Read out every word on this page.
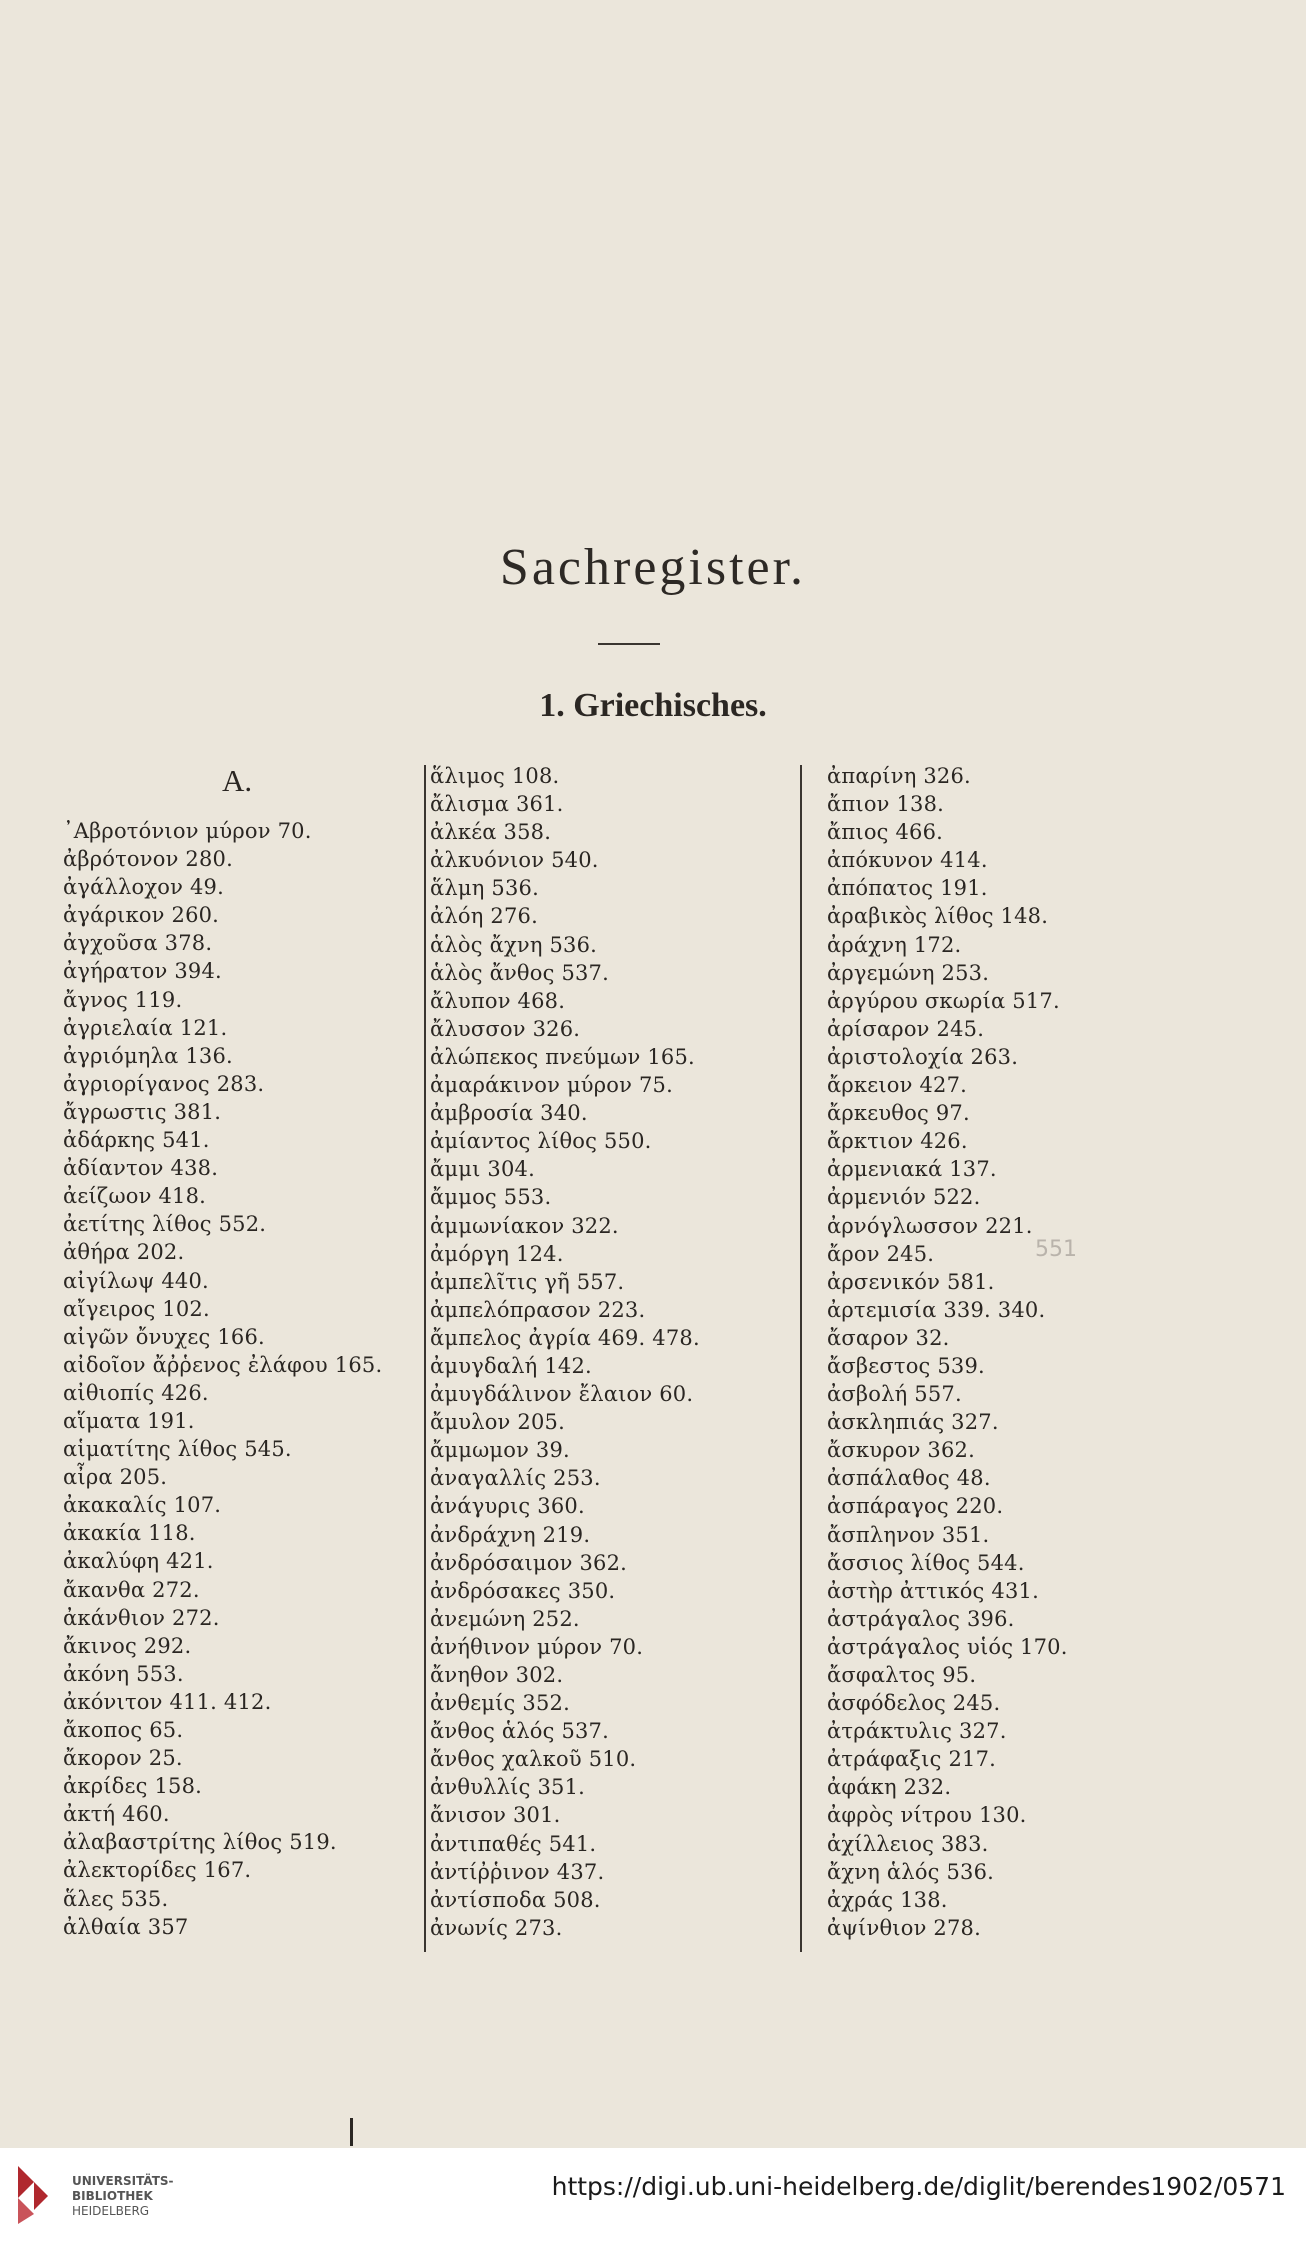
Sachregister.
1. Griechisches.
A.
᾿Αβροτόνιον μύρον 70.
ἀβρότονον 280.
ἀγάλλοχον 49.
ἀγάρικον 260.
ἀγχοῦσα 378.
ἀγήρατον 394.
ἄγνος 119.
ἀγριελαία 121.
ἀγριόμηλα 136.
ἀγριορίγανος 283.
ἄγρωστις 381.
ἀδάρκης 541.
ἀδίαντον 438.
ἀείζωον 418.
ἀετίτης λίθος 552.
ἀθήρα 202.
αἰγίλωψ 440.
αἴγειρος 102.
αἰγῶν ὄνυχες 166.
αἰδοῖον ἄῤῥενος ἐλάφου 165.
αἰθιοπίς 426.
αἵματα 191.
αἱματίτης λίθος 545.
αἶρα 205.
ἀκακαλίς 107.
ἀκακία 118.
ἀκαλύφη 421.
ἄκανθα 272.
ἀκάνθιον 272.
ἄκινος 292.
ἀκόνη 553.
ἀκόνιτον 411. 412.
ἄκοπος 65.
ἄκορον 25.
ἀκρίδες 158.
ἀκτή 460.
ἀλαβαστρίτης λίθος 519.
ἀλεκτορίδες 167.
ἅλες 535.
ἀλθαία 357
ἅλιμος 108.
ἄλισμα 361.
ἀλκέα 358.
ἀλκυόνιον 540.
ἅλμη 536.
ἀλόη 276.
ἁλὸς ἄχνη 536.
ἁλὸς ἄνθος 537.
ἄλυπον 468.
ἄλυσσον 326.
ἀλώπεκος πνεύμων 165.
ἀμαράκινον μύρον 75.
ἀμβροσία 340.
ἀμίαντος λίθος 550.
ἄμμι 304.
ἄμμος 553.
ἀμμωνίακον 322.
ἀμόργη 124.
ἀμπελῖτις γῆ 557.
ἀμπελόπρασον 223.
ἄμπελος ἀγρία 469. 478.
ἀμυγδαλή 142.
ἀμυγδάλινον ἔλαιον 60.
ἄμυλον 205.
ἄμμωμον 39.
ἀναγαλλίς 253.
ἀνάγυρις 360.
ἀνδράχνη 219.
ἀνδρόσαιμον 362.
ἀνδρόσακες 350.
ἀνεμώνη 252.
ἀνήθινον μύρον 70.
ἄνηθον 302.
ἀνθεμίς 352.
ἄνθος ἁλός 537.
ἄνθος χαλκοῦ 510.
ἀνθυλλίς 351.
ἄνισον 301.
ἀντιπαθές 541.
ἀντίῤῥινον 437.
ἀντίσποδα 508.
ἀνωνίς 273.
ἀπαρίνη 326.
ἄπιον 138.
ἄπιος 466.
ἀπόκυνον 414.
ἀπόπατος 191.
ἀραβικὸς λίθος 148.
ἀράχνη 172.
ἀργεμώνη 253.
ἀργύρου σκωρία 517.
ἀρίσαρον 245.
ἀριστολοχία 263.
ἄρκειον 427.
ἄρκευθος 97.
ἄρκτιον 426.
ἀρμενιακά 137.
ἀρμενιόν 522.
ἀρνόγλωσσον 221.
ἄρον 245.
ἀρσενικόν 581.
ἀρτεμισία 339. 340.
ἄσαρον 32.
ἄσβεστος 539.
ἀσβολή 557.
ἀσκληπιάς 327.
ἄσκυρον 362.
ἀσπάλαθος 48.
ἀσπάραγος 220.
ἄσπληνον 351.
ἄσσιος λίθος 544.
ἀστὴρ ἀττικός 431.
ἀστράγαλος 396.
ἀστράγαλος υἱός 170.
ἄσφαλτος 95.
ἀσφόδελος 245.
ἀτράκτυλις 327.
ἀτράφαξις 217.
ἀφάκη 232.
ἀφρὸς νίτρου 130.
ἀχίλλειος 383.
ἄχνη ἁλός 536.
ἀχράς 138.
ἀψίνθιον 278.
551
UNIVERSITÄTS-
BIBLIOTHEK
HEIDELBERG
https://digi.ub.uni-heidelberg.de/diglit/berendes1902/0571
